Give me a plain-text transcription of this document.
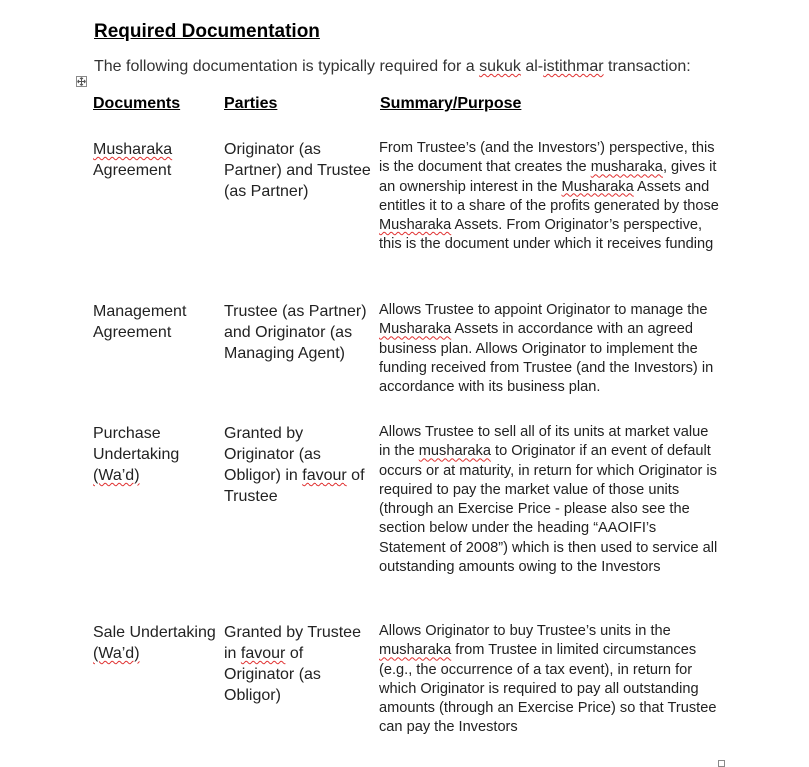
Required Documentation
The following documentation is typically required for a sukuk al-istithmar transaction:
Documents	Parties	Summary/Purpose
Musharaka Agreement
Originator (as Partner) and Trustee (as Partner)
From Trustee’s (and the Investors’) perspective, this is the document that creates the musharaka, gives it an ownership interest in the Musharaka Assets and entitles it to a share of the profits generated by those Musharaka Assets. From Originator’s perspective, this is the document under which it receives funding
Management Agreement
Trustee (as Partner) and Originator (as Managing Agent)
Allows Trustee to appoint Originator to manage the Musharaka Assets in accordance with an agreed business plan. Allows Originator to implement the funding received from Trustee (and the Investors) in accordance with its business plan.
Purchase Undertaking (Wa’d)
Granted by Originator (as Obligor) in favour of Trustee
Allows Trustee to sell all of its units at market value in the musharaka to Originator if an event of default occurs or at maturity, in return for which Originator is required to pay the market value of those units (through an Exercise Price - please also see the section below under the heading “AAOIFI’s Statement of 2008”) which is then used to service all outstanding amounts owing to the Investors
Sale Undertaking (Wa’d)
Granted by Trustee in favour of Originator (as Obligor)
Allows Originator to buy Trustee’s units in the musharaka from Trustee in limited circumstances (e.g., the occurrence of a tax event), in return for which Originator is required to pay all outstanding amounts (through an Exercise Price) so that Trustee can pay the Investors
